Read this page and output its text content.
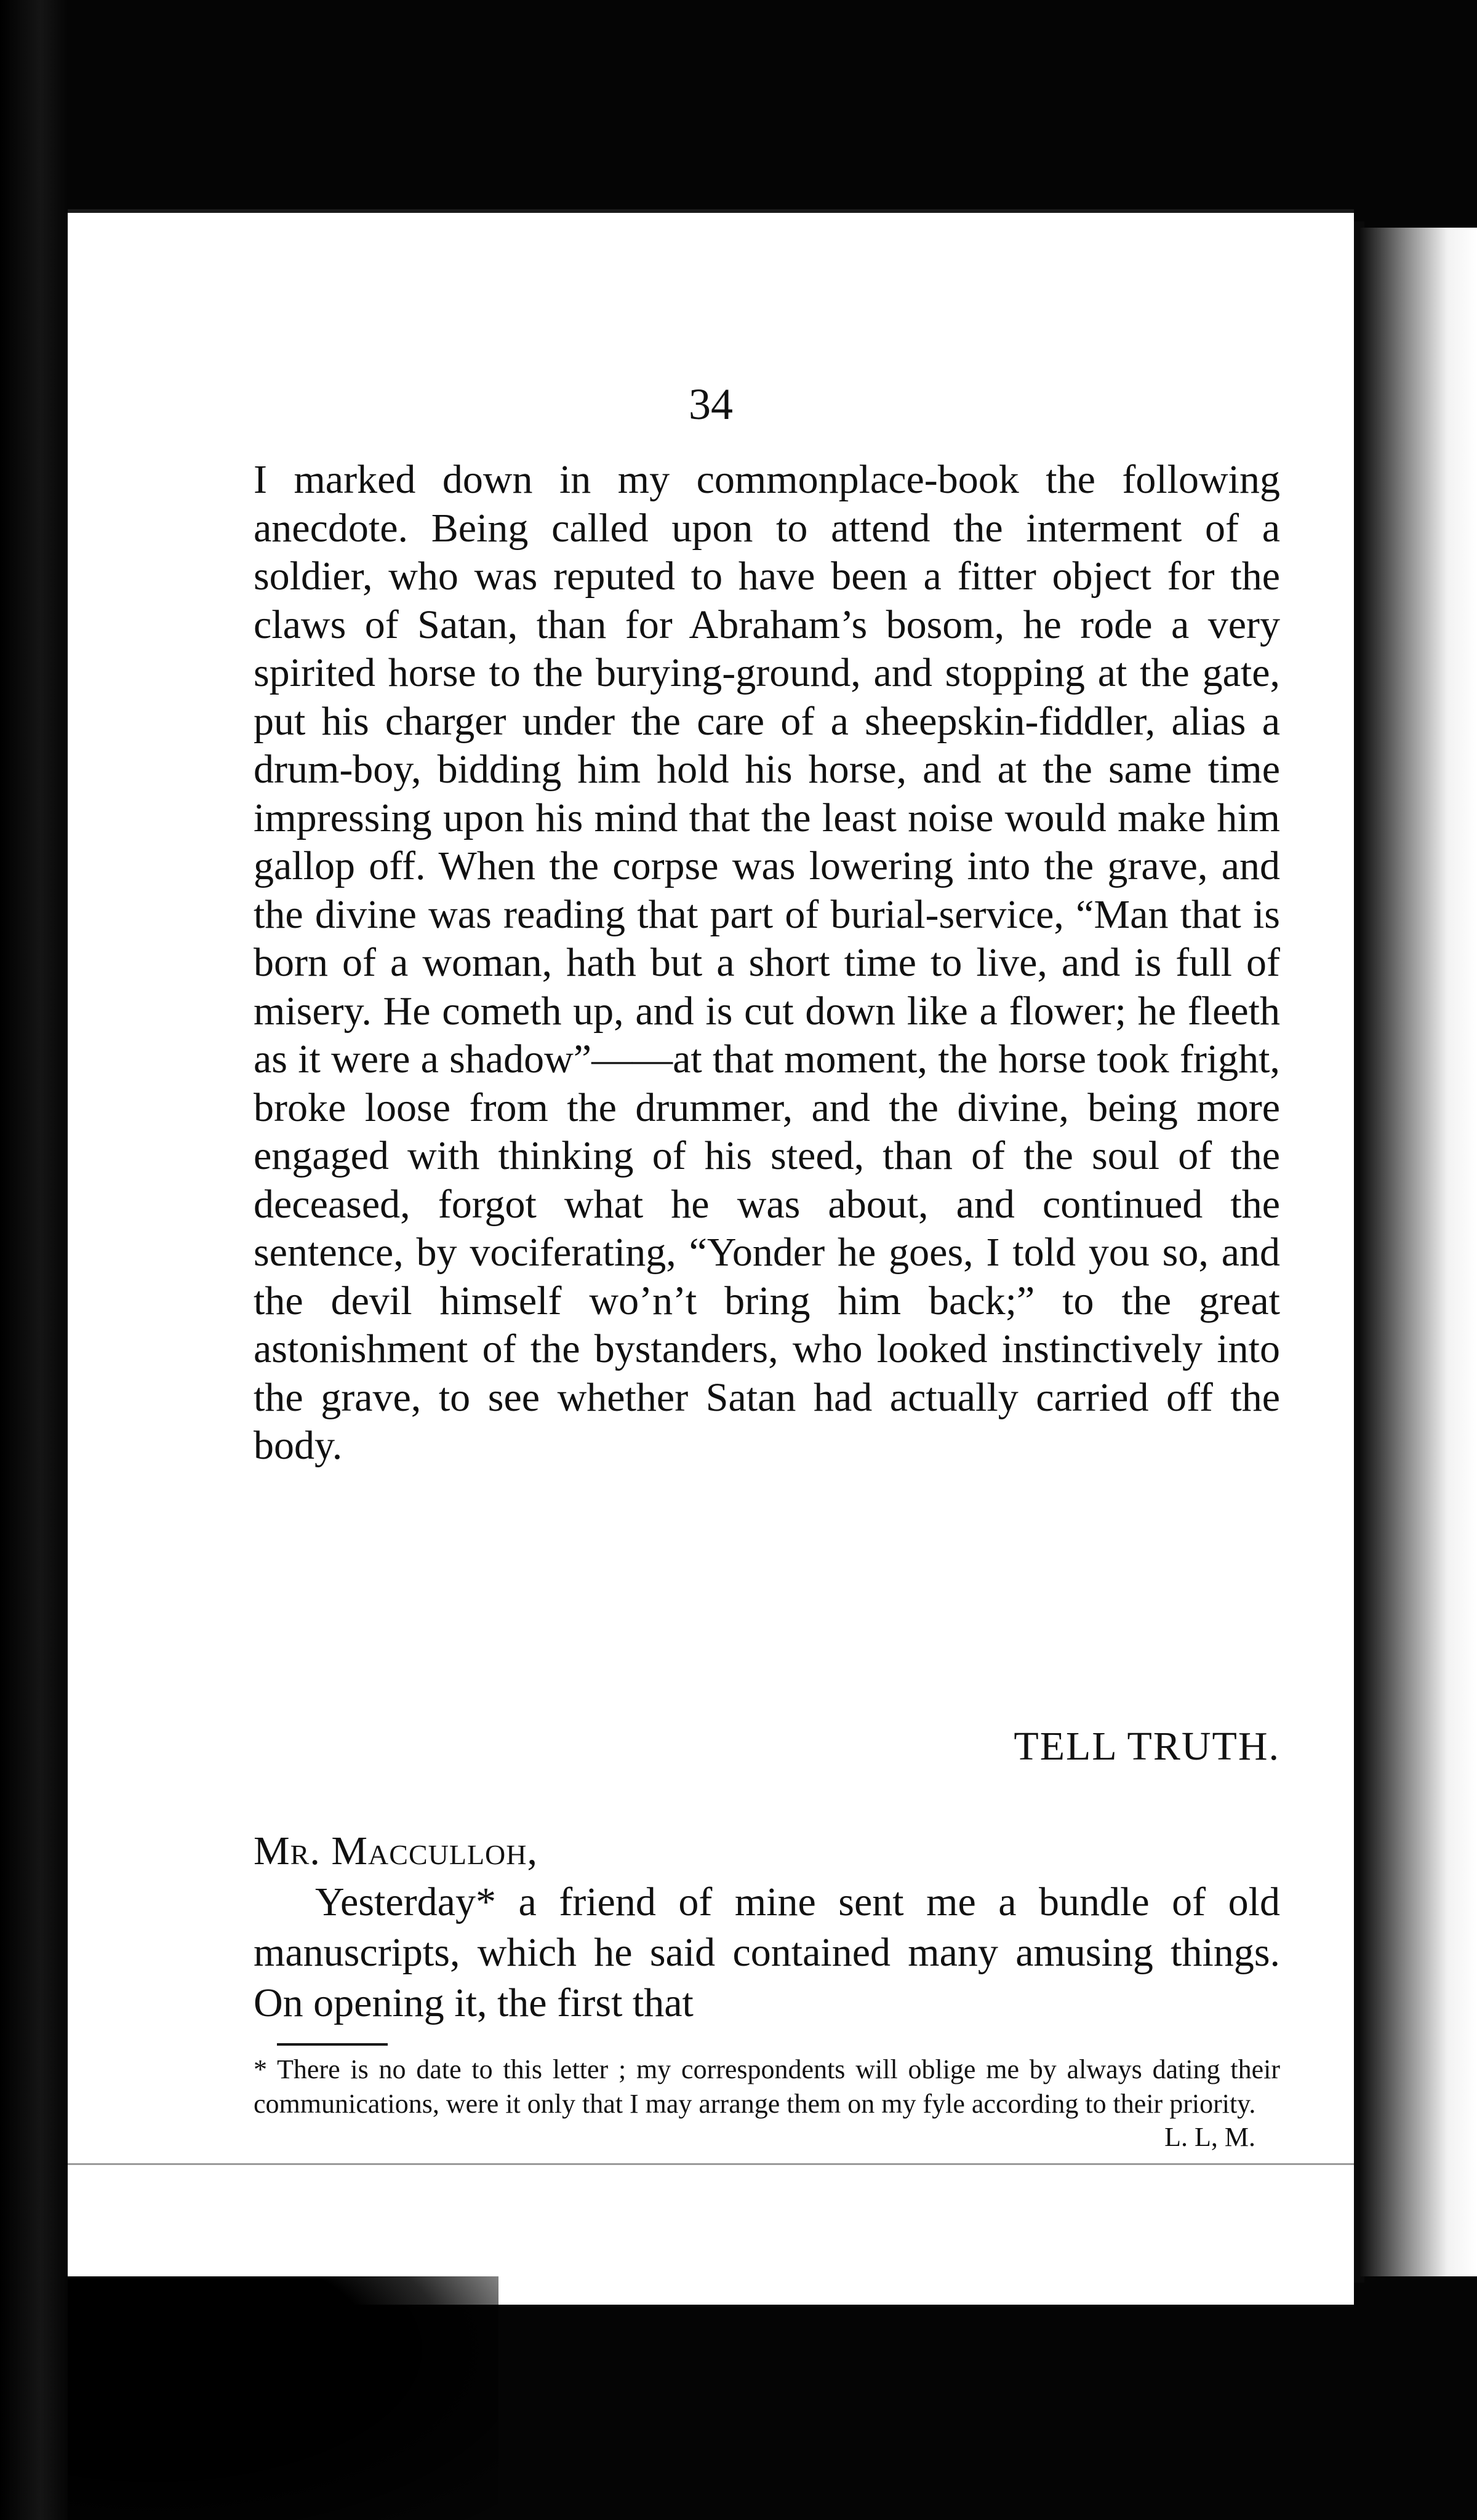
34

I marked down in my commonplace-book the following anecdote. Being called upon to attend the interment of a soldier, who was reputed to have been a fitter object for the claws of Satan, than for Abraham’s bosom, he rode a very spirited horse to the burying-ground, and stopping at the gate, put his charger under the care of a sheepskin-fiddler, alias a drum-boy, bidding him hold his horse, and at the same time impressing upon his mind that the least noise would make him gallop off. When the corpse was lowering into the grave, and the divine was reading that part of burial-service, “Man that is born of a woman, hath but a short time to live, and is full of misery. He cometh up, and is cut down like a flower; he fleeth as it were a shadow”——at that moment, the horse took fright, broke loose from the drummer, and the divine, being more engaged with thinking of his steed, than of the soul of the deceased, forgot what he was about, and continued the sentence, by vociferating, “Yonder he goes, I told you so, and the devil himself wo’n’t bring him back;” to the great astonishment of the bystanders, who looked instinctively into the grave, to see whether Satan had actually carried off the body.

TELL TRUTH.

Mr. Macculloh,

Yesterday* a friend of mine sent me a bundle of old manuscripts, which he said contained many amusing things. On opening it, the first that

* There is no date to this letter ; my correspondents will oblige me by always dating their communications, were it only that I may arrange them on my fyle according to their priority.

L. L, M.
